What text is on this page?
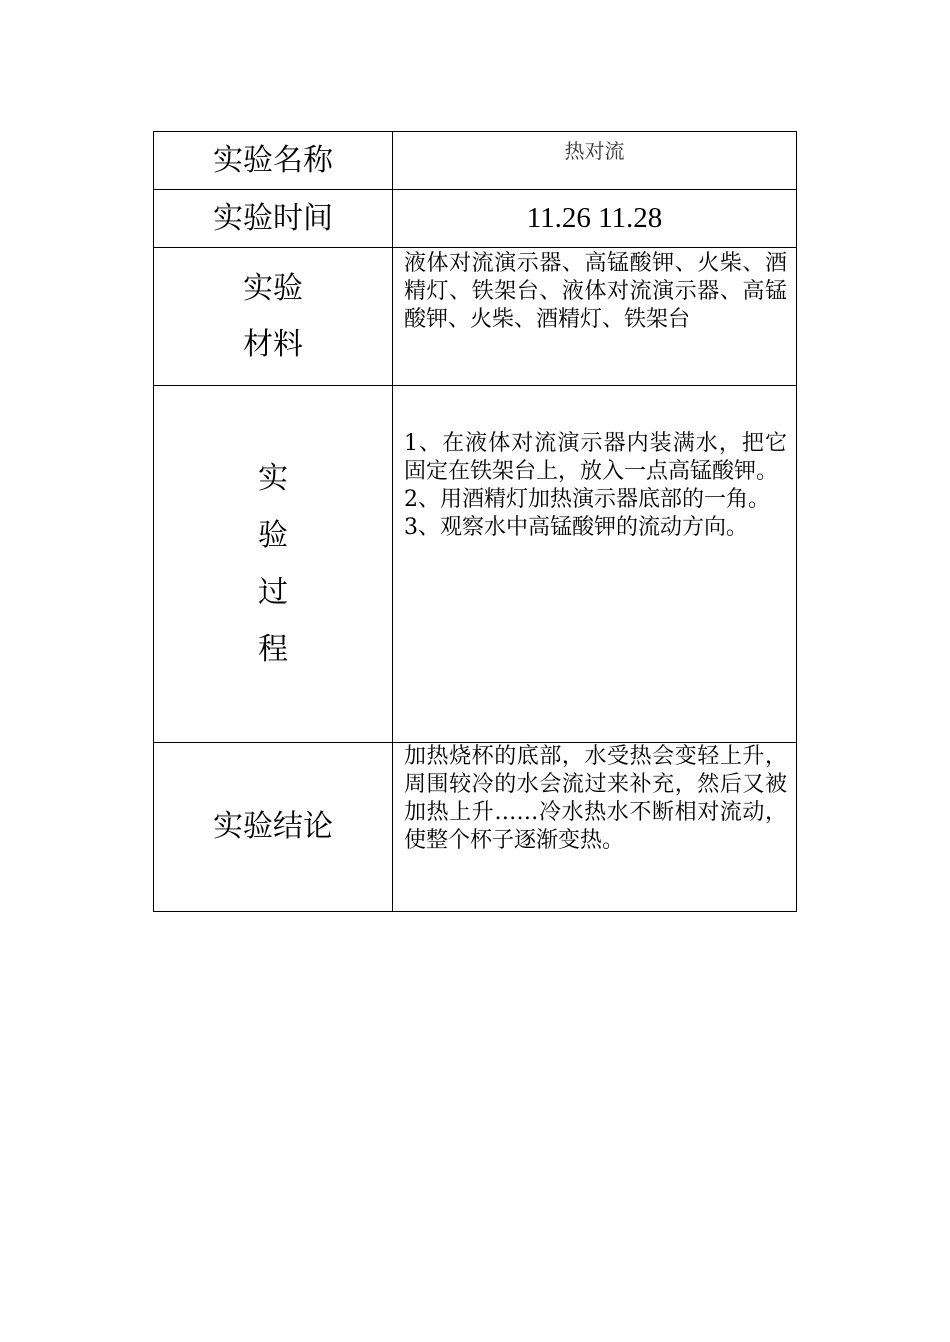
实验名称	热对流

实验时间	11.26 11.28

实验
材料	液体对流演示器、高锰酸钾、火柴、酒精灯、铁架台、液体对流演示器、高锰酸钾、火柴、酒精灯、铁架台

实
验
过
程	1、在液体对流演示器内装满水，把它固定在铁架台上，放入一点高锰酸钾。
2、用酒精灯加热演示器底部的一角。
3、观察水中高锰酸钾的流动方向。

实验结论	加热烧杯的底部，水受热会变轻上升，周围较冷的水会流过来补充，然后又被加热上升……冷水热水不断相对流动，使整个杯子逐渐变热。
